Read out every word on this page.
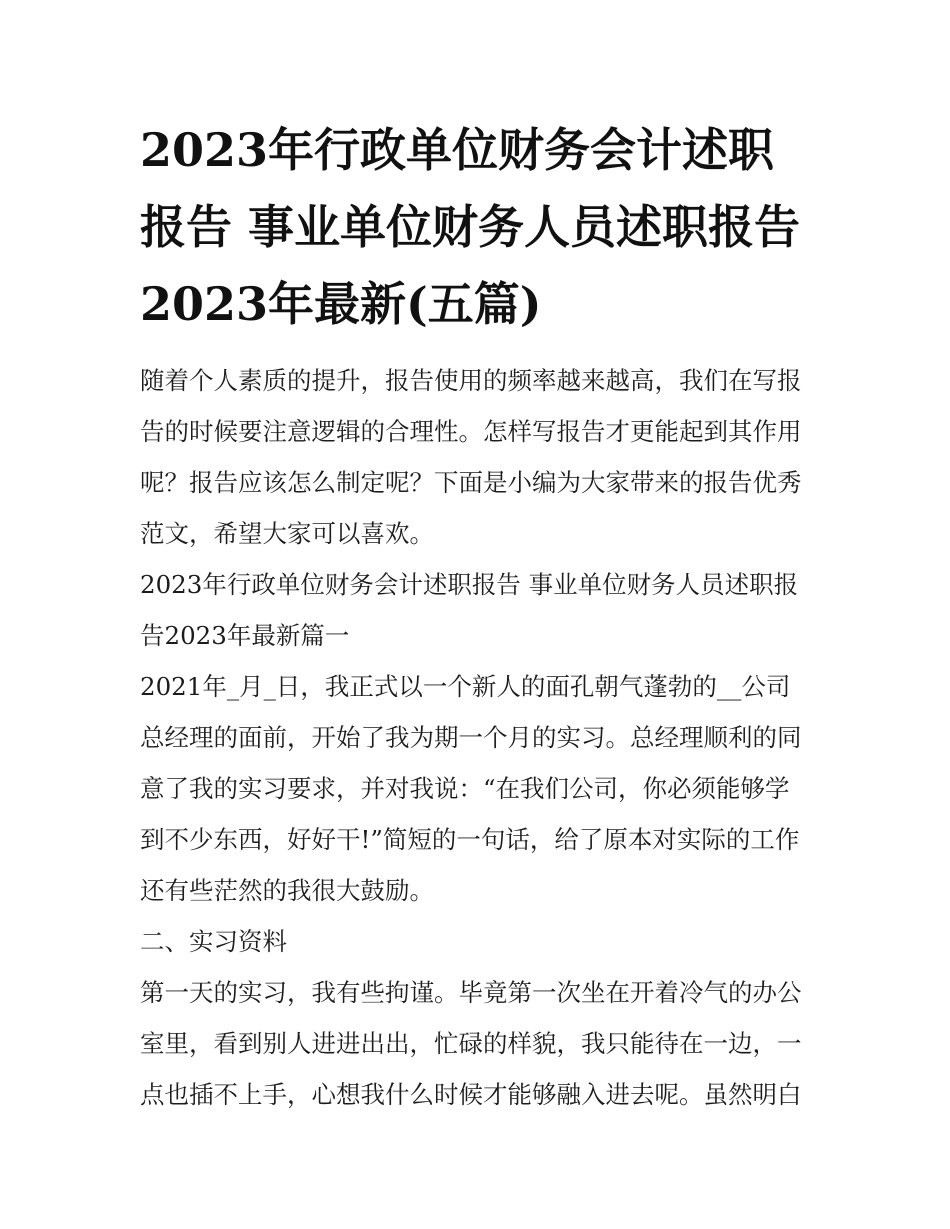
2023年行政单位财务会计述职报告 事业单位财务人员述职报告2023年最新(五篇)

随着个人素质的提升，报告使用的频率越来越高，我们在写报告的时候要注意逻辑的合理性。怎样写报告才更能起到其作用呢？报告应该怎么制定呢？下面是小编为大家带来的报告优秀范文，希望大家可以喜欢。

2023年行政单位财务会计述职报告 事业单位财务人员述职报告2023年最新篇一

2021年_月_日，我正式以一个新人的面孔朝气蓬勃的__公司总经理的面前，开始了我为期一个月的实习。总经理顺利的同意了我的实习要求，并对我说：“在我们公司，你必须能够学到不少东西，好好干!”简短的一句话，给了原本对实际的工作还有些茫然的我很大鼓励。

二、实习资料

第一天的实习，我有些拘谨。毕竟第一次坐在开着冷气的办公室里，看到别人进进出出，忙碌的样貌，我只能待在一边，一点也插不上手，心想我什么时候才能够融入进去呢。虽然明白
